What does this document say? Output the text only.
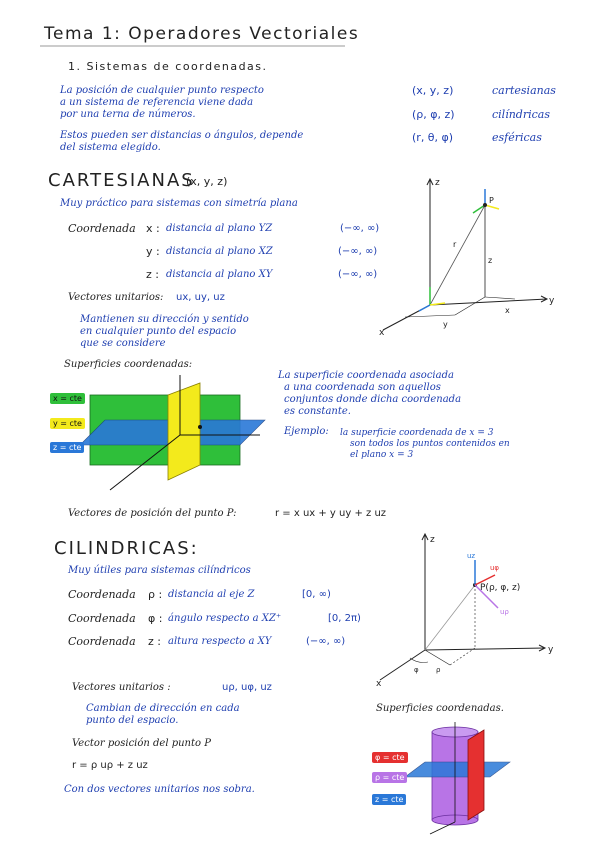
Tema 1: Operadores Vectoriales
1. Sistemas de coordenadas.
La posición de cualquier punto respecto
a un sistema de referencia viene dada
por una terna de números.
Estos pueden ser distancias o ángulos, depende
del sistema elegido.
(x, y, z)	cartesianas
(ρ, φ, z)	cilíndricas
(r, θ, φ)	esféricas
CARTESIANAS
(x, y, z)
Muy práctico para sistemas con simetría plana
Coordenada x : distancia al plano YZ	(−∞, ∞)
y : distancia al plano XZ	(−∞, ∞)
z : distancia al plano XY	(−∞, ∞)
Vectores unitarios: ux, uy, uz
Mantienen su dirección y sentido
en cualquier punto del espacio
que se considere
Superficies coordenadas:
z
y
x
r
P
z
y
x
x = cte
y = cte
z = cte
La superficie coordenada asociada
a una coordenada son aquellos
conjuntos donde dicha coordenada
es constante.
Ejemplo: la superficie coordenada de x = 3
son todos los puntos contenidos en
el plano x = 3
Vectores de posición del punto P:	r = x ux + y uy + z uz
CILINDRICAS:
Muy útiles para sistemas cilíndricos
Coordenada ρ : distancia al eje Z	[0, ∞)
Coordenada φ : ángulo respecto a XZ⁺	[0, 2π)
Coordenada z : altura respecto a XY	(−∞, ∞)
Vectores unitarios :	uρ, uφ, uz
Cambian de dirección en cada
punto del espacio.
Vector posición del punto P
r = ρ uρ + z uz
Con dos vectores unitarios nos sobra.
Superficies coordenadas.
z
y
x
P(ρ, φ, z)
uz
uφ
uρ
ρ
φ
φ = cte
ρ = cte
z = cte
